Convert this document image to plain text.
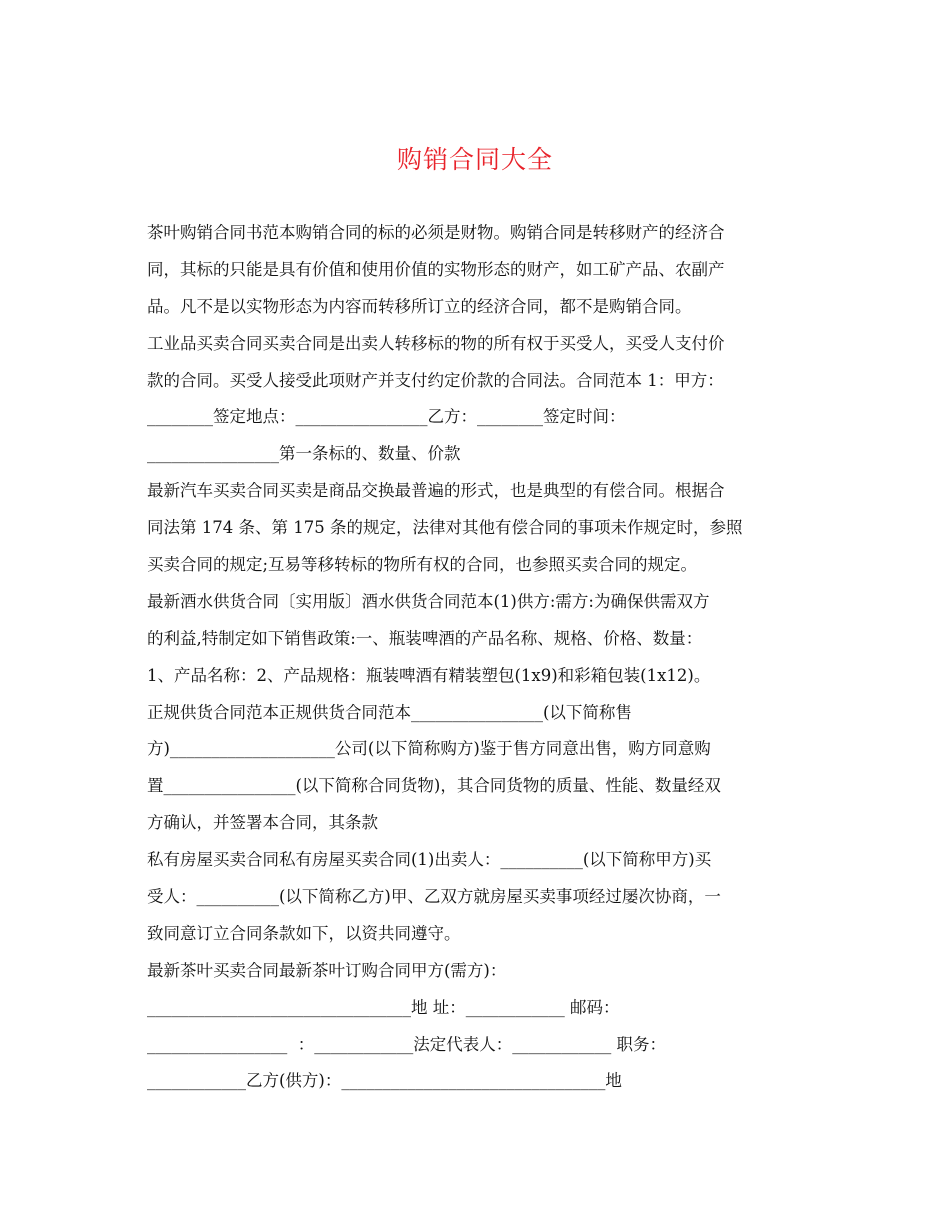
购销合同大全
茶叶购销合同书范本购销合同的标的必须是财物。购销合同是转移财产的经济合
同，其标的只能是具有价值和使用价值的实物形态的财产，如工矿产品、农副产
品。凡不是以实物形态为内容而转移所订立的经济合同，都不是购销合同。
工业品买卖合同买卖合同是出卖人转移标的物的所有权于买受人，买受人支付价
款的合同。买受人接受此项财产并支付约定价款的合同法。合同范本 1：甲方：
________签定地点：________________乙方：________签定时间：
________________第一条标的、数量、价款
最新汽车买卖合同买卖是商品交换最普遍的形式，也是典型的有偿合同。根据合
同法第 174 条、第 175 条的规定，法律对其他有偿合同的事项未作规定时，参照
买卖合同的规定;互易等移转标的物所有权的合同，也参照买卖合同的规定。
最新酒水供货合同〔实用版〕酒水供货合同范本(1)供方:需方:为确保供需双方
的利益,特制定如下销售政策:一、瓶装啤酒的产品名称、规格、价格、数量：
1、产品名称：2、产品规格：瓶装啤酒有精装塑包(1x9)和彩箱包装(1x12)。
正规供货合同范本正规供货合同范本________________(以下简称售
方)____________________公司(以下简称购方)鉴于售方同意出售，购方同意购
置________________(以下简称合同货物)，其合同货物的质量、性能、数量经双
方确认，并签署本合同，其条款
私有房屋买卖合同私有房屋买卖合同(1)出卖人：__________(以下简称甲方)买
受人：__________(以下简称乙方)甲、乙双方就房屋买卖事项经过屡次协商，一
致同意订立合同条款如下，以资共同遵守。
最新茶叶买卖合同最新茶叶订购合同甲方(需方)：
________________________________地 址：____________ 邮码：
_________________  ：____________法定代表人：____________ 职务：
____________乙方(供方)：________________________________地
